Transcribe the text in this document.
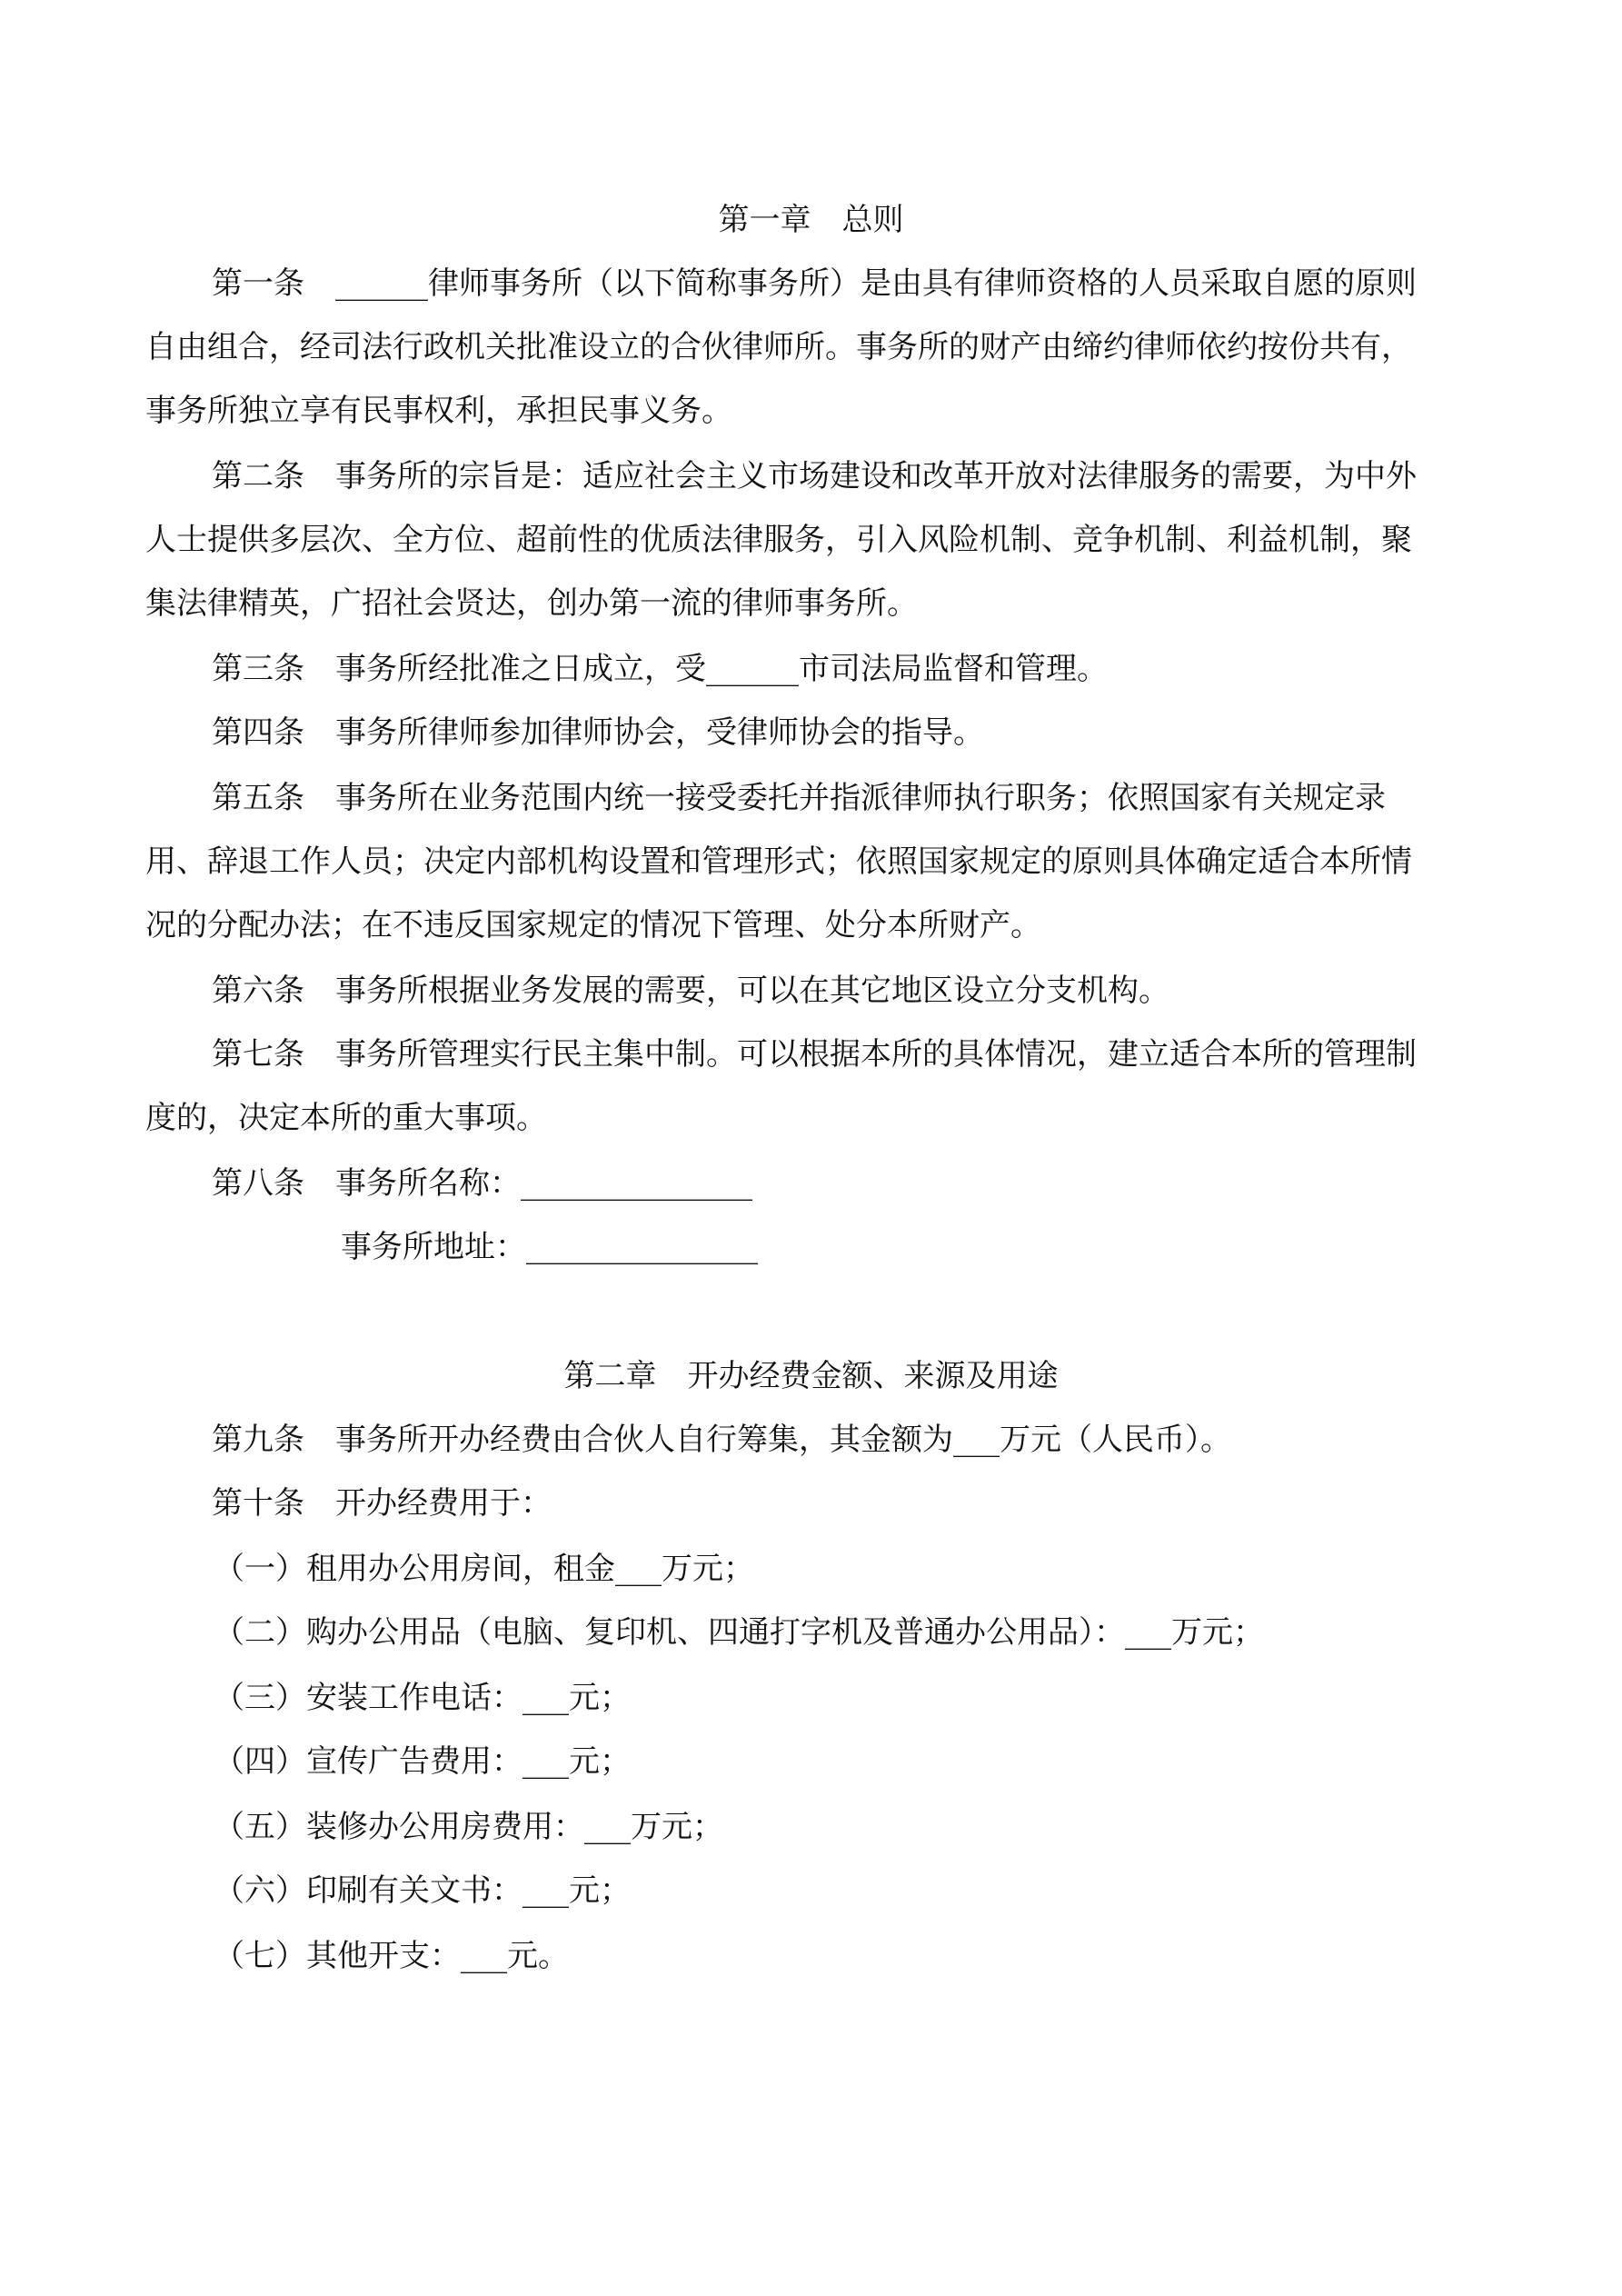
第一章　总则
第一条　______律师事务所（以下简称事务所）是由具有律师资格的人员采取自愿的原则
自由组合，经司法行政机关批准设立的合伙律师所。事务所的财产由缔约律师依约按份共有，
事务所独立享有民事权利，承担民事义务。
第二条　事务所的宗旨是：适应社会主义市场建设和改革开放对法律服务的需要，为中外
人士提供多层次、全方位、超前性的优质法律服务，引入风险机制、竞争机制、利益机制，聚
集法律精英，广招社会贤达，创办第一流的律师事务所。
第三条　事务所经批准之日成立，受______市司法局监督和管理。
第四条　事务所律师参加律师协会，受律师协会的指导。
第五条　事务所在业务范围内统一接受委托并指派律师执行职务；依照国家有关规定录
用、辞退工作人员；决定内部机构设置和管理形式；依照国家规定的原则具体确定适合本所情
况的分配办法；在不违反国家规定的情况下管理、处分本所财产。
第六条　事务所根据业务发展的需要，可以在其它地区设立分支机构。
第七条　事务所管理实行民主集中制。可以根据本所的具体情况，建立适合本所的管理制
度的，决定本所的重大事项。
第八条　事务所名称：_______________
事务所地址：_______________
第二章　开办经费金额、来源及用途
第九条　事务所开办经费由合伙人自行筹集，其金额为___万元（人民币）。
第十条　开办经费用于：
（一）租用办公用房间，租金___万元；
（二）购办公用品（电脑、复印机、四通打字机及普通办公用品）：___万元；
（三）安装工作电话：___元；
（四）宣传广告费用：___元；
（五）装修办公用房费用：___万元；
（六）印刷有关文书：___元；
（七）其他开支：___元。
